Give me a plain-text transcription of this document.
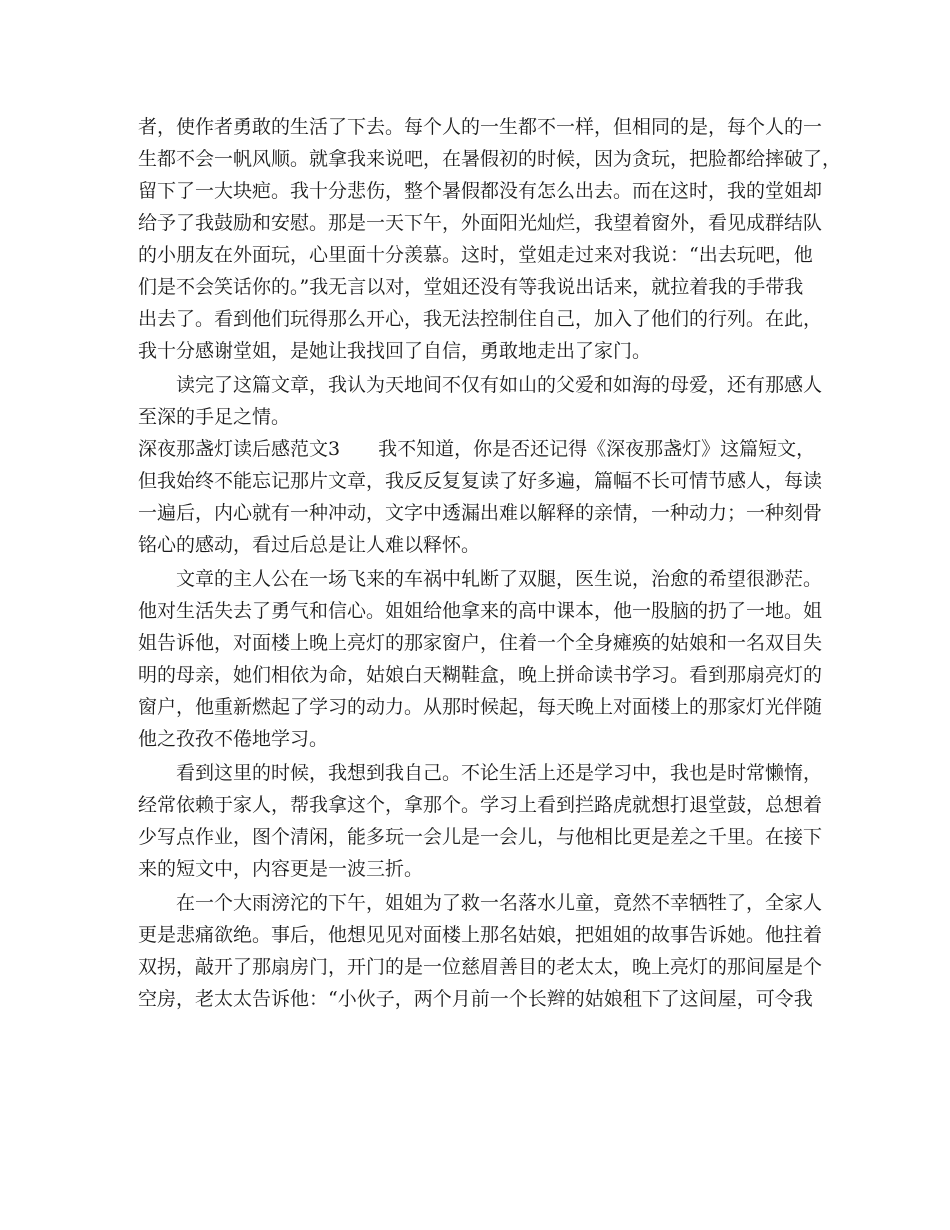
者，使作者勇敢的生活了下去。每个人的一生都不一样，但相同的是，每个人的一
生都不会一帆风顺。就拿我来说吧，在暑假初的时候，因为贪玩，把脸都给摔破了，
留下了一大块疤。我十分悲伤，整个暑假都没有怎么出去。而在这时，我的堂姐却
给予了我鼓励和安慰。那是一天下午，外面阳光灿烂，我望着窗外，看见成群结队
的小朋友在外面玩，心里面十分羡慕。这时，堂姐走过来对我说：“出去玩吧，他
们是不会笑话你的。”我无言以对，堂姐还没有等我说出话来，就拉着我的手带我
出去了。看到他们玩得那么开心，我无法控制住自己，加入了他们的行列。在此，
我十分感谢堂姐，是她让我找回了自信，勇敢地走出了家门。
读完了这篇文章，我认为天地间不仅有如山的父爱和如海的母爱，还有那感人
至深的手足之情。
深夜那盏灯读后感范文3 我不知道，你是否还记得《深夜那盏灯》这篇短文，
但我始终不能忘记那片文章，我反反复复读了好多遍，篇幅不长可情节感人，每读
一遍后，内心就有一种冲动，文字中透漏出难以解释的亲情，一种动力；一种刻骨
铭心的感动，看过后总是让人难以释怀。
文章的主人公在一场飞来的车祸中轧断了双腿，医生说，治愈的希望很渺茫。
他对生活失去了勇气和信心。姐姐给他拿来的高中课本，他一股脑的扔了一地。姐
姐告诉他，对面楼上晚上亮灯的那家窗户，住着一个全身瘫痪的姑娘和一名双目失
明的母亲，她们相依为命，姑娘白天糊鞋盒，晚上拼命读书学习。看到那扇亮灯的
窗户，他重新燃起了学习的动力。从那时候起，每天晚上对面楼上的那家灯光伴随
他之孜孜不倦地学习。
看到这里的时候，我想到我自己。不论生活上还是学习中，我也是时常懒惰，
经常依赖于家人，帮我拿这个，拿那个。学习上看到拦路虎就想打退堂鼓，总想着
少写点作业，图个清闲，能多玩一会儿是一会儿，与他相比更是差之千里。在接下
来的短文中，内容更是一波三折。
在一个大雨滂沱的下午，姐姐为了救一名落水儿童，竟然不幸牺牲了，全家人
更是悲痛欲绝。事后，他想见见对面楼上那名姑娘，把姐姐的故事告诉她。他拄着
双拐，敲开了那扇房门，开门的是一位慈眉善目的老太太，晚上亮灯的那间屋是个
空房，老太太告诉他：“小伙子，两个月前一个长辫的姑娘租下了这间屋，可令我
